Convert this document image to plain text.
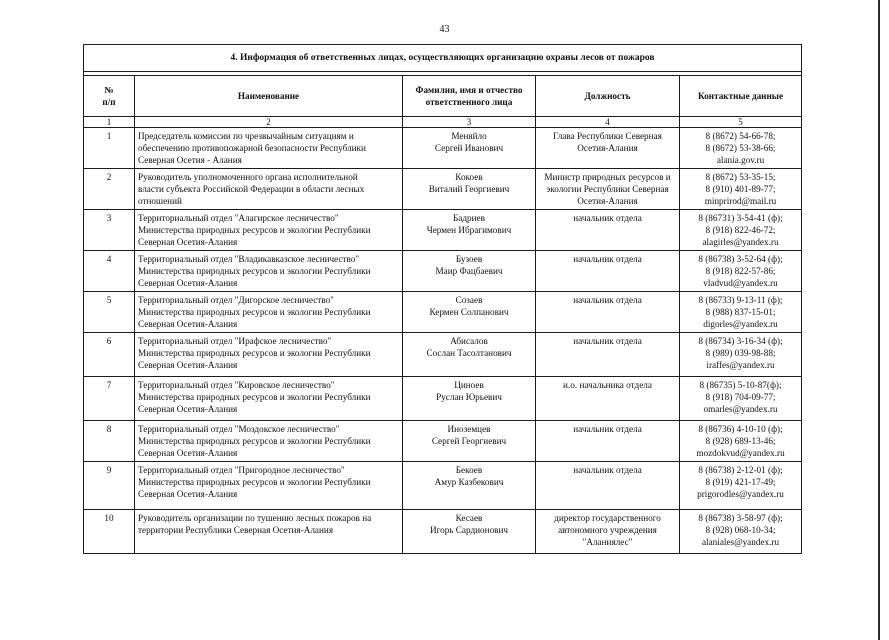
43
4. Информация об ответственных лицах, осуществляющих организацию охраны лесов от пожаров				

№
п/п	Наименование	Фамилия, имя и отчество
ответственного лица	Должность	Контактные данные
1	2	3	4	5
1	Председатель комиссии по чрезвычайным ситуациям и
обеспечению противопожарной безопасности Республики
Северная Осетия - Алания	Меняйло
Сергей Иванович	Глава Республики Северная
Осетия-Алания	8 (8672) 54-66-78;
8 (8672) 53-38-66;
alania.gov.ru

2	Руководитель уполномоченного органа исполнительной
власти субъекта Российской Федерации в области лесных
отношений	Кокоев
Виталий Георгиевич	Министр природных ресурсов и
экологии Республики Северная
Осетия-Алания	8 (8672) 53-35-15;
8 (910) 401-89-77;
minprirod@mail.ru

3	Территориальный отдел "Алагирское лесничество"
Министерства природных ресурсов и экологии Республики
Северная Осетия-Алания	Бадриев
Чермен Ибрагимович	начальник отдела	8 (86731) 3-54-41 (ф);
8 (918) 822-46-72;
alagirles@yandex.ru

4	Территориальный отдел "Владикавказское лесничество"
Министерства природных ресурсов и экологии Республики
Северная Осетия-Алания	Бузоев
Маир Фацбаевич	начальник отдела	8 (86738) 3-52-64 (ф);
8 (918) 822-57-86;
vladvud@yandex.ru

5	Территориальный отдел "Дигорское лесничество"
Министерства природных ресурсов и экологии Республики
Северная Осетия-Алания	Созаев
Кермен Солпанович	начальник отдела	8 (86733) 9-13-11 (ф);
8 (988) 837-15-01;
digorles@yandex.ru

6	Территориальный отдел "Ирафское лесничество"
Министерства природных ресурсов и экологии Республики
Северная Осетия-Алания	Абисалов
Сослан Тасолтанович	начальник отдела	8 (86734) 3-16-34 (ф);
8 (989) 039-98-88;
iraffes@yandex.ru

7	Территориальный отдел "Кировское лесничество"
Министерства природных ресурсов и экологии Республики
Северная Осетия-Алания	Циноев
Руслан Юрьевич	и.о. начальника отдела	8 (86735) 5-10-87(ф);
8 (918) 704-09-77;
omarles@yandex.ru

8	Территориальный отдел "Моздокское лесничество"
Министерства природных ресурсов и экологии Республики
Северная Осетия-Алания	Иноземцев
Сергей Георгиевич	начальник отдела	8 (86736) 4-10-10 (ф);
8 (928) 689-13-46;
mozdokvud@yandex.ru

9	Территориальный отдел "Пригородное лесничество"
Министерства природных ресурсов и экологии Республики
Северная Осетия-Алания	Бекоев
Амур Казбекович	начальник отдела	8 (86738) 2-12-01 (ф);
8 (919) 421-17-49;
prigorodles@yandex.ru

10	Руководитель организации по тушению лесных пожаров на
территории Республики Северная Осетия-Алания	Кесаев
Игорь Сардионович	директор государственного
автономного учреждения
"Аланиялес"	8 (86738) 3-58-97 (ф);
8 (928) 068-10-34;
alaniales@yandex.ru
